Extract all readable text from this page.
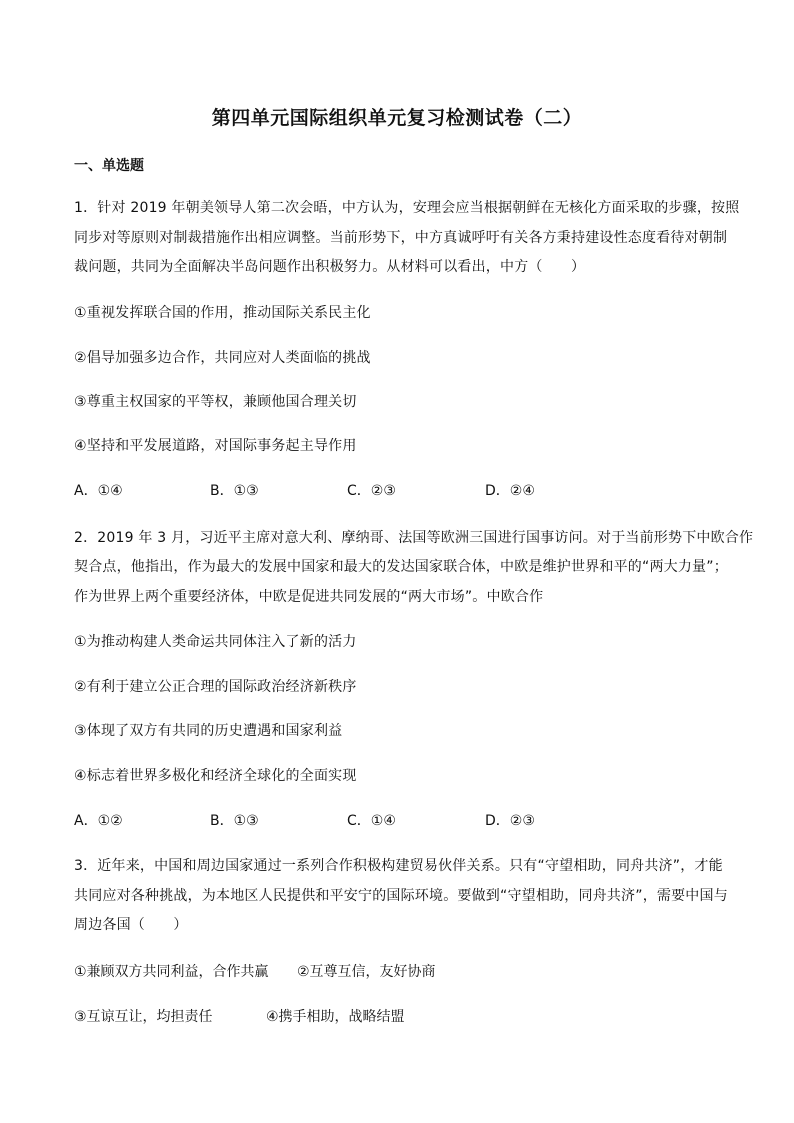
第四单元国际组织单元复习检测试卷（二）
一、单选题
1．针对 2019 年朝美领导人第二次会晤，中方认为，安理会应当根据朝鲜在无核化方面采取的步骤，按照
同步对等原则对制裁措施作出相应调整。当前形势下，中方真诚呼吁有关各方秉持建设性态度看待对朝制
裁问题，共同为全面解决半岛问题作出积极努力。从材料可以看出，中方（　　）
①重视发挥联合国的作用，推动国际关系民主化
②倡导加强多边合作，共同应对人类面临的挑战
③尊重主权国家的平等权，兼顾他国合理关切
④坚持和平发展道路，对国际事务起主导作用
A．①④	B．①③	C．②③	D．②④
2．2019 年 3 月，习近平主席对意大利、摩纳哥、法国等欧洲三国进行国事访问。对于当前形势下中欧合作
契合点，他指出，作为最大的发展中国家和最大的发达国家联合体，中欧是维护世界和平的“两大力量”；
作为世界上两个重要经济体，中欧是促进共同发展的“两大市场”。中欧合作
①为推动构建人类命运共同体注入了新的活力
②有利于建立公正合理的国际政治经济新秩序
③体现了双方有共同的历史遭遇和国家利益
④标志着世界多极化和经济全球化的全面实现
A．①②	B．①③	C．①④	D．②③
3．近年来，中国和周边国家通过一系列合作积极构建贸易伙伴关系。只有“守望相助，同舟共济”，才能
共同应对各种挑战，为本地区人民提供和平安宁的国际环境。要做到“守望相助，同舟共济”，需要中国与
周边各国（　　）
①兼顾双方共同利益，合作共赢 ②互尊互信，友好协商
③互谅互让，均担责任	④携手相助，战略结盟
